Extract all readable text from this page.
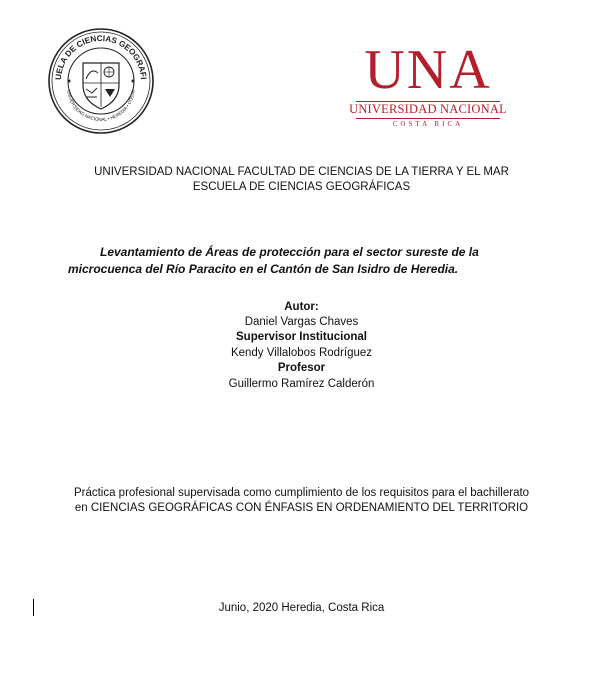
UELA DE CIENCIAS GEOGRAFI
UNIVERSIDAD NACIONAL • HEREDIA • COSTA	UNA
UNIVERSIDAD NACIONAL
COSTA RICA
UNIVERSIDAD NACIONAL FACULTAD DE CIENCIAS DE LA TIERRA Y EL MAR
ESCUELA DE CIENCIAS GEOGRÁFICAS
Levantamiento de Áreas de protección para el sector sureste de la
microcuenca del Río Paracito en el Cantón de San Isidro de Heredia.
Autor:
Daniel Vargas Chaves
Supervisor Institucional
Kendy Villalobos Rodríguez
Profesor
Guillermo Ramírez Calderón
Práctica profesional supervisada como cumplimiento de los requisitos para el bachillerato
en CIENCIAS GEOGRÁFICAS CON ÉNFASIS EN ORDENAMIENTO DEL TERRITORIO
Junio, 2020 Heredia, Costa Rica
